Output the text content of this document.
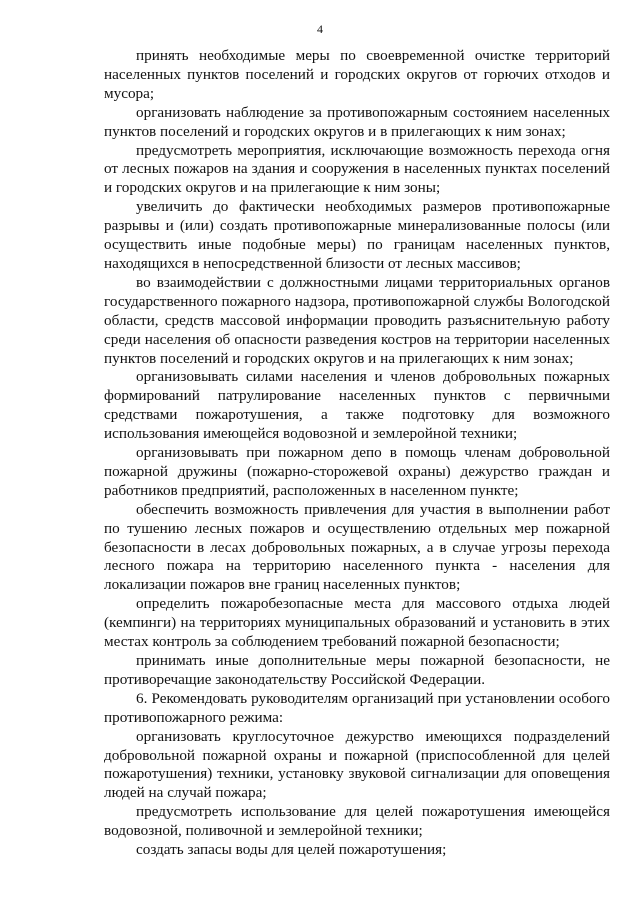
4

принять необходимые меры по своевременной очистке территорий населенных пунктов поселений и городских округов от горючих отходов и мусора;

организовать наблюдение за противопожарным состоянием населенных пунктов поселений и городских округов и в прилегающих к ним зонах;

предусмотреть мероприятия, исключающие возможность перехода огня от лесных пожаров на здания и сооружения в населенных пунктах поселений и городских округов и на прилегающие к ним зоны;

увеличить до фактически необходимых размеров противопожарные разрывы и (или) создать противопожарные минерализованные полосы (или осуществить иные подобные меры) по границам населенных пунктов, находящихся в непосредственной близости от лесных массивов;

во взаимодействии с должностными лицами территориальных органов государственного пожарного надзора, противопожарной службы Вологодской области, средств массовой информации проводить разъяснительную работу среди населения об опасности разведения костров на территории населенных пунктов поселений и городских округов и на прилегающих к ним зонах;

организовывать силами населения и членов добровольных пожарных формирований патрулирование населенных пунктов с первичными средствами пожаротушения, а также подготовку для возможного использования имеющейся водовозной и землеройной техники;

организовывать при пожарном депо в помощь членам добровольной пожарной дружины (пожарно-сторожевой охраны) дежурство граждан и работников предприятий, расположенных в населенном пункте;

обеспечить возможность привлечения для участия в выполнении работ по тушению лесных пожаров и осуществлению отдельных мер пожарной безопасности в лесах добровольных пожарных, а в случае угрозы перехода лесного пожара на территорию населенного пункта - населения для локализации пожаров вне границ населенных пунктов;

определить пожаробезопасные места для массового отдыха людей (кемпинги) на территориях муниципальных образований и установить в этих местах контроль за соблюдением требований пожарной безопасности;

принимать иные дополнительные меры пожарной безопасности, не противоречащие законодательству Российской Федерации.

6. Рекомендовать руководителям организаций при установлении особого противопожарного режима:

организовать круглосуточное дежурство имеющихся подразделений добровольной пожарной охраны и пожарной (приспособленной для целей пожаротушения) техники, установку звуковой сигнализации для оповещения людей на случай пожара;

предусмотреть использование для целей пожаротушения имеющейся водовозной, поливочной и землеройной техники;

создать запасы воды для целей пожаротушения;
